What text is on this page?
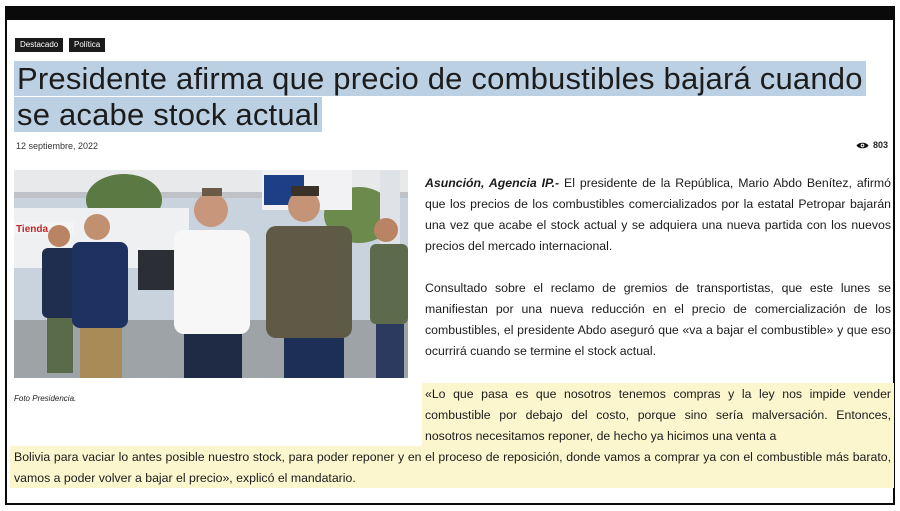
Destacado	Política
Presidente afirma que precio de combustibles bajará cuando se acabe stock actual
12 septiembre, 2022	803
Tienda
Foto Presidencia.

Asunción, Agencia IP.- El presidente de la República, Mario Abdo Benítez, afirmó que los precios de los combustibles comercializados por la estatal Petropar bajarán una vez que acabe el stock actual y se adquiera una nueva partida con los nuevos precios del mercado internacional.

Consultado sobre el reclamo de gremios de transportistas, que este lunes se manifiestan por una nueva reducción en el precio de comercialización de los combustibles, el presidente Abdo aseguró que «va a bajar el combustible» y que eso ocurrirá cuando se termine el stock actual.

«Lo que pasa es que nosotros tenemos compras y la ley nos impide vender combustible por debajo del costo, porque sino sería malversación. Entonces, nosotros necesitamos reponer, de hecho ya hicimos una venta a

Bolivia para vaciar lo antes posible nuestro stock, para poder reponer y en el proceso de reposición, donde vamos a comprar ya con el combustible más barato, vamos a poder volver a bajar el precio», explicó el mandatario.
